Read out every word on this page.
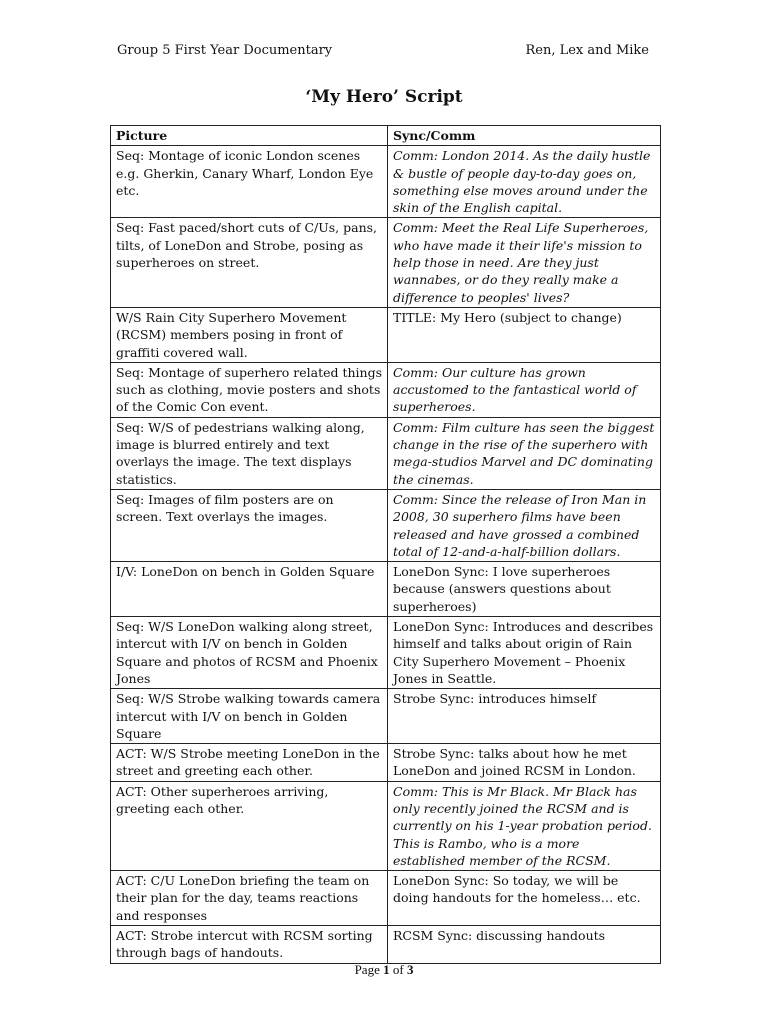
Group 5 First Year Documentary	Ren, Lex and Mike
‘My Hero’ Script
Picture	Sync/Comm
Seq: Montage of iconic London scenes e.g. Gherkin, Canary Wharf, London Eye etc.	Comm: London 2014. As the daily hustle & bustle of people day-to-day goes on, something else moves around under the skin of the English capital.
Seq: Fast paced/short cuts of C/Us, pans, tilts, of LoneDon and Strobe, posing as superheroes on street.	Comm: Meet the Real Life Superheroes, who have made it their life's mission to help those in need. Are they just wannabes, or do they really make a difference to peoples' lives?
W/S Rain City Superhero Movement (RCSM) members posing in front of graffiti covered wall.	TITLE: My Hero (subject to change)
Seq: Montage of superhero related things such as clothing, movie posters and shots of the Comic Con event.	Comm: Our culture has grown accustomed to the fantastical world of superheroes.
Seq: W/S of pedestrians walking along, image is blurred entirely and text overlays the image. The text displays statistics.	Comm: Film culture has seen the biggest change in the rise of the superhero with mega-studios Marvel and DC dominating the cinemas.
Seq: Images of film posters are on screen. Text overlays the images.	Comm: Since the release of Iron Man in 2008, 30 superhero films have been released and have grossed a combined total of 12-and-a-half-billion dollars.
I/V: LoneDon on bench in Golden Square	LoneDon Sync: I love superheroes because (answers questions about superheroes)
Seq: W/S LoneDon walking along street, intercut with I/V on bench in Golden Square and photos of RCSM and Phoenix Jones	LoneDon Sync: Introduces and describes himself and talks about origin of Rain City Superhero Movement – Phoenix Jones in Seattle.
Seq: W/S Strobe walking towards camera intercut with I/V on bench in Golden Square	Strobe Sync: introduces himself
ACT: W/S Strobe meeting LoneDon in the street and greeting each other.	Strobe Sync: talks about how he met LoneDon and joined RCSM in London.
ACT: Other superheroes arriving, greeting each other.	Comm: This is Mr Black. Mr Black has only recently joined the RCSM and is currently on his 1-year probation period. This is Rambo, who is a more established member of the RCSM.
ACT: C/U LoneDon briefing the team on their plan for the day, teams reactions and responses	LoneDon Sync: So today, we will be doing handouts for the homeless… etc.
ACT: Strobe intercut with RCSM sorting through bags of handouts.	RCSM Sync: discussing handouts
Page 1 of 3
